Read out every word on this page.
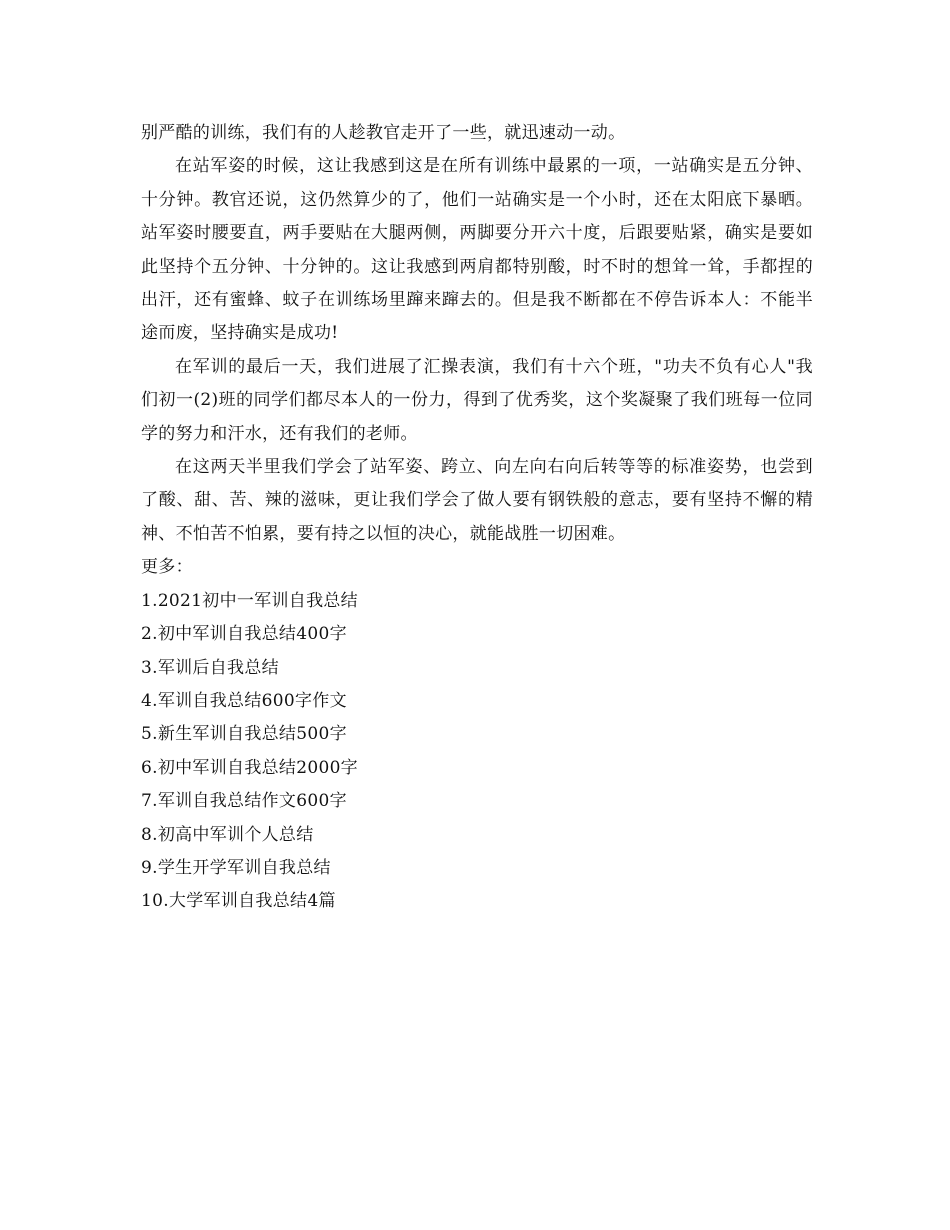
别严酷的训练，我们有的人趁教官走开了一些，就迅速动一动。

在站军姿的时候，这让我感到这是在所有训练中最累的一项，一站确实是五分钟、十分钟。教官还说，这仍然算少的了，他们一站确实是一个小时，还在太阳底下暴晒。站军姿时腰要直，两手要贴在大腿两侧，两脚要分开六十度，后跟要贴紧，确实是要如此坚持个五分钟、十分钟的。这让我感到两肩都特别酸，时不时的想耸一耸，手都捏的出汗，还有蜜蜂、蚊子在训练场里蹿来蹿去的。但是我不断都在不停告诉本人：不能半途而废，坚持确实是成功!

在军训的最后一天，我们进展了汇操表演，我们有十六个班，"功夫不负有心人"我们初一(2)班的同学们都尽本人的一份力，得到了优秀奖，这个奖凝聚了我们班每一位同学的努力和汗水，还有我们的老师。

在这两天半里我们学会了站军姿、跨立、向左向右向后转等等的标准姿势，也尝到了酸、甜、苦、辣的滋味，更让我们学会了做人要有钢铁般的意志，要有坚持不懈的精神、不怕苦不怕累，要有持之以恒的决心，就能战胜一切困难。

更多：

1.2021初中一军训自我总结
2.初中军训自我总结400字
3.军训后自我总结
4.军训自我总结600字作文
5.新生军训自我总结500字
6.初中军训自我总结2000字
7.军训自我总结作文600字
8.初高中军训个人总结
9.学生开学军训自我总结
10.大学军训自我总结4篇
